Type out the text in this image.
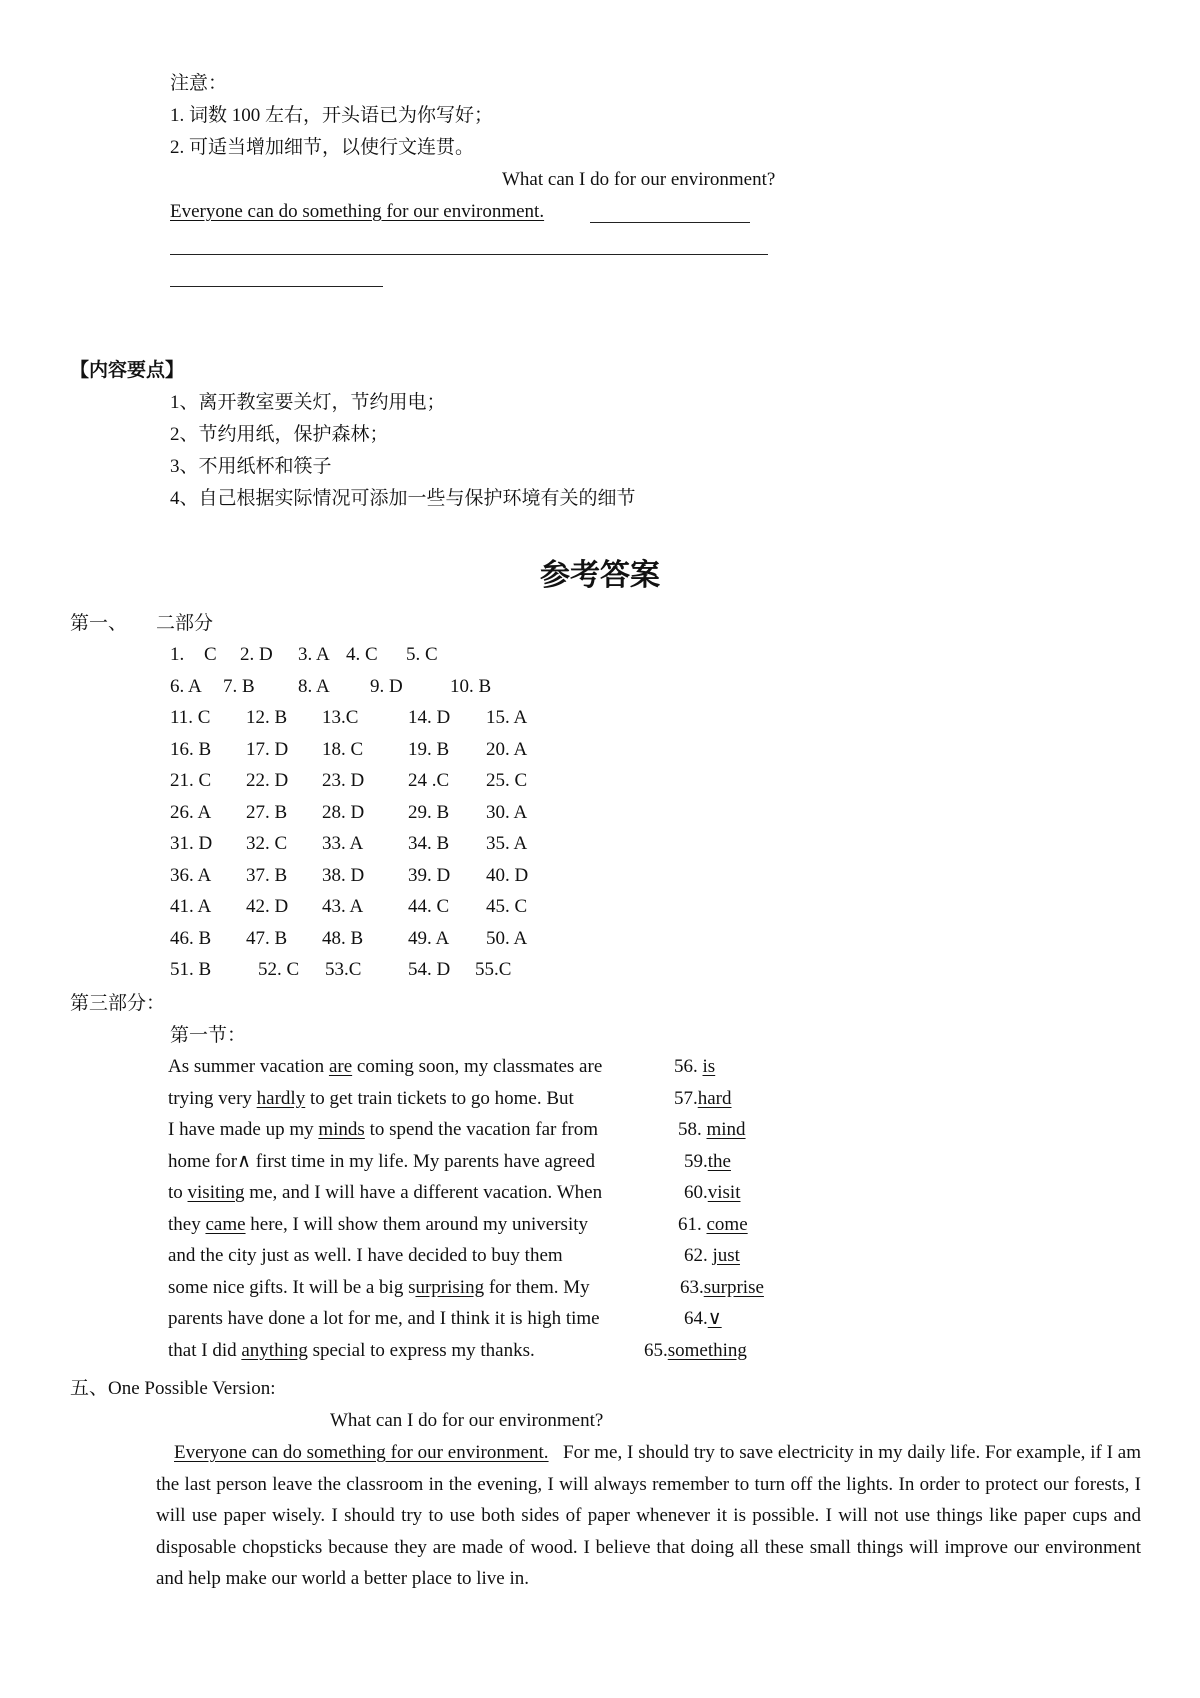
注意：
1. 词数 100 左右，开头语已为你写好；
2. 可适当增加细节，以使行文连贯。
What can I do for our environment?
Everyone can do something for our environment.
【内容要点】
1、离开教室要关灯，节约用电；
2、节约用纸，保护森林；
3、不用纸杯和筷子
4、自己根据实际情况可添加一些与保护环境有关的细节
参考答案
第一、 二部分
1. C 2. D 3. A 4. C 5. C
6. A 7. B 8. A 9. D 10. B
11. C 12. B 13.C	14. D 15. A
16. B 17. D 18. C 19. B 20. A
21. C 22. D 23. D 24 .C 25. C
26. A 27. B 28. D 29. B 30. A
31. D 32. C 33. A 34. B 35. A
36. A 37. B 38. D 39. D 40. D
41. A 42. D 43. A 44. C 45. C
46. B 47. B 48. B 49. A 50. A
51. B 52. C 53.C 54. D 55.C
第三部分：
第一节：
As summer vacation are coming soon, my classmates are	56. is
trying very hardly to get train tickets to go home. But	57.hard
I have made up my minds to spend the vacation far from	58. mind
home for∧ first time in my life. My parents have agreed	59.the
to visiting me, and I will have a different vacation. When	60.visit
they came here, I will show them around my university	61. come
and the city just as well. I have decided to buy them	62. just
some nice gifts. It will be a big surprising for them. My	63.surprise
parents have done a lot for me, and I think it is high time	64.∨
that I did anything special to express my thanks.	65.something
五、One Possible Version:
What can I do for our environment?
Everyone can do something for our environment. For me, I should try to save electricity in my daily life. For example, if I am the last person leave the classroom in the evening, I will always remember to turn off the lights. In order to protect our forests, I will use paper wisely. I should try to use both sides of paper whenever it is possible. I will not use things like paper cups and disposable chopsticks because they are made of wood. I believe that doing all these small things will improve our environment and help make our world a better place to live in.
